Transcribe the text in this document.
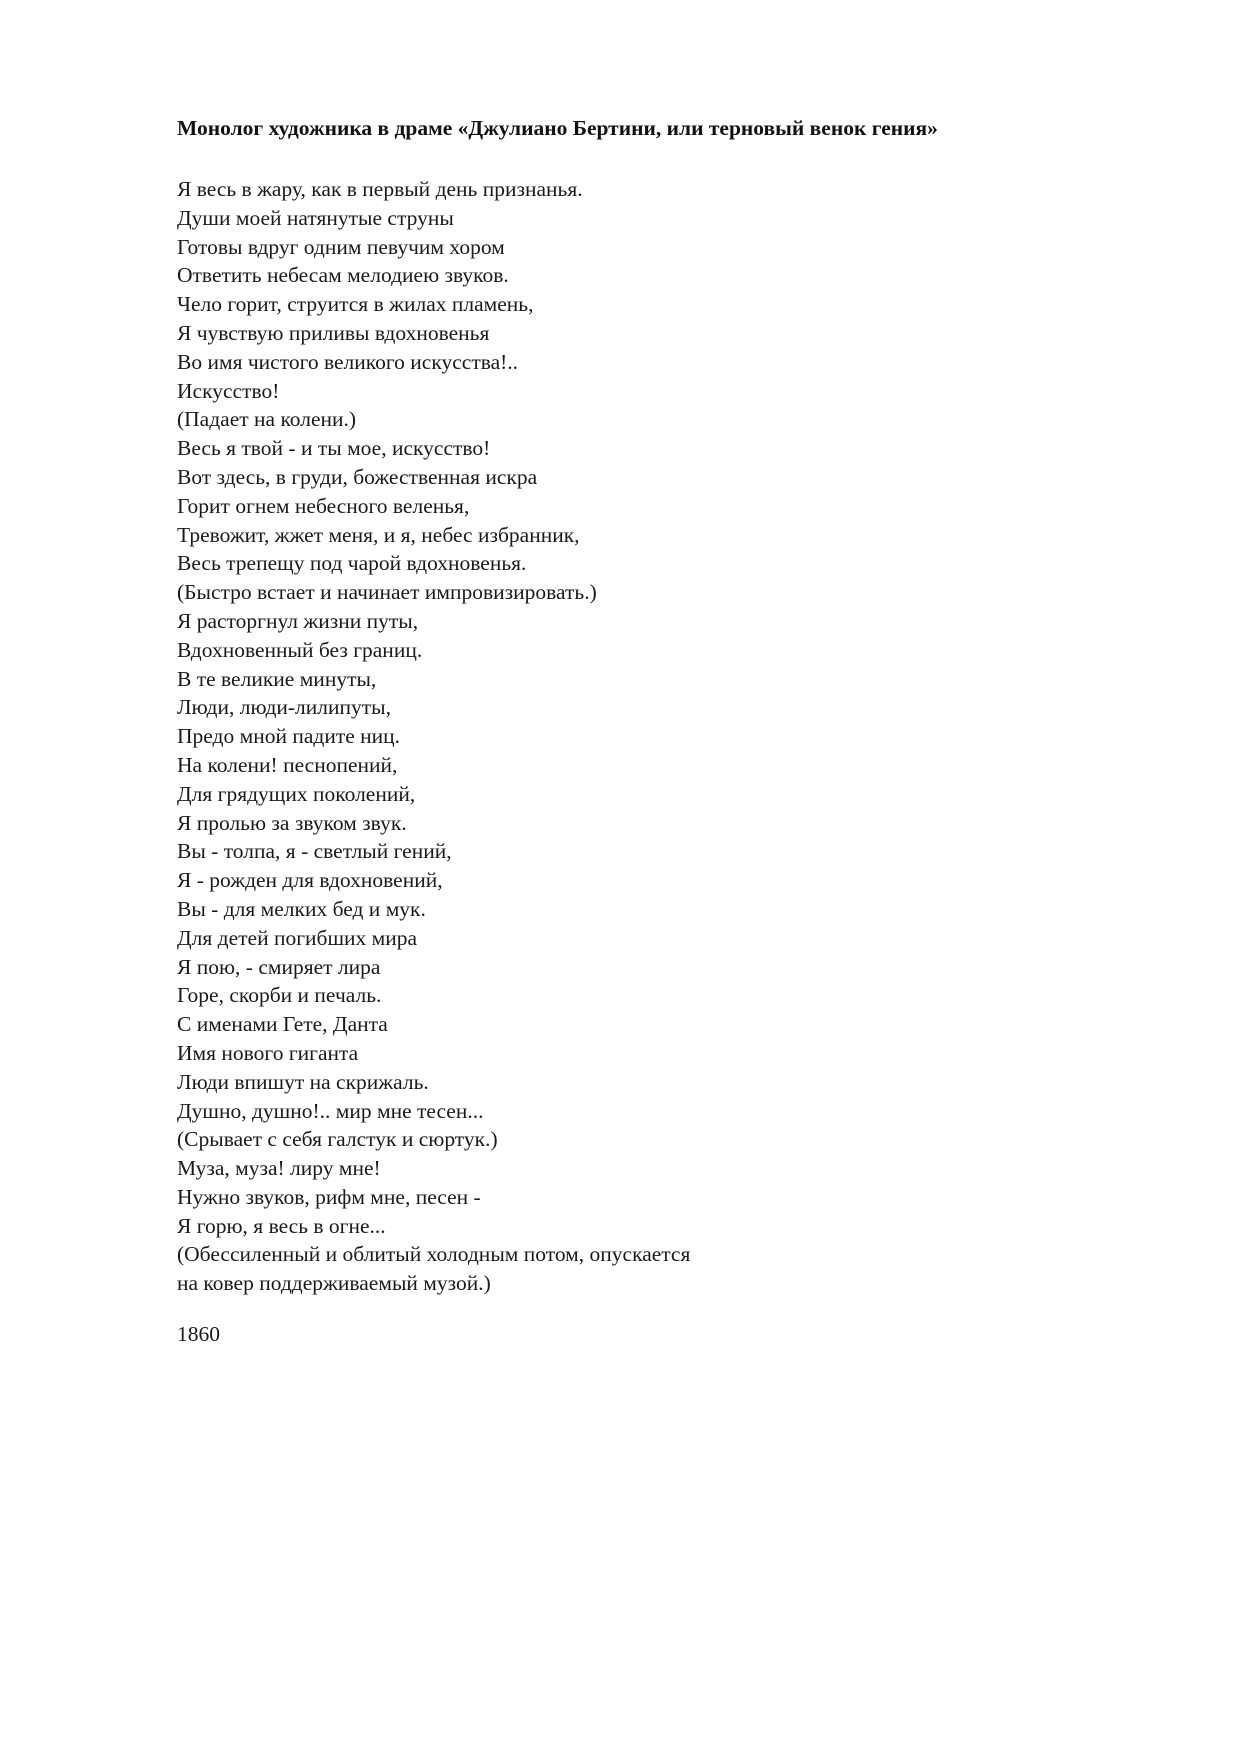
Монолог художника в драме «Джулиано Бертини, или терновый венок гения»

Я весь в жару, как в первый день признанья.
Души моей натянутые струны
Готовы вдруг одним певучим хором
Ответить небесам мелодиею звуков.
Чело горит, струится в жилах пламень,
Я чувствую приливы вдохновенья
Во имя чистого великого искусства!..
Искусство!
(Падает на колени.)
Весь я твой - и ты мое, искусство!
Вот здесь, в груди, божественная искра
Горит огнем небесного веленья,
Тревожит, жжет меня, и я, небес избранник,
Весь трепещу под чарой вдохновенья.
(Быстро встает и начинает импровизировать.)
Я расторгнул жизни путы,
Вдохновенный без границ.
В те великие минуты,
Люди, люди-лилипуты,
Предо мной падите ниц.
На колени! песнопений,
Для грядущих поколений,
Я пролью за звуком звук.
Вы - толпа, я - светлый гений,
Я - рожден для вдохновений,
Вы - для мелких бед и мук.
Для детей погибших мира
Я пою, - смиряет лира
Горе, скорби и печаль.
С именами Гете, Данта
Имя нового гиганта
Люди впишут на скрижаль.
Душно, душно!.. мир мне тесен...
(Срывает с себя галстук и сюртук.)
Муза, муза! лиру мне!
Нужно звуков, рифм мне, песен -
Я горю, я весь в огне...
(Обессиленный и облитый холодным потом, опускается
на ковер поддерживаемый музой.)

1860
